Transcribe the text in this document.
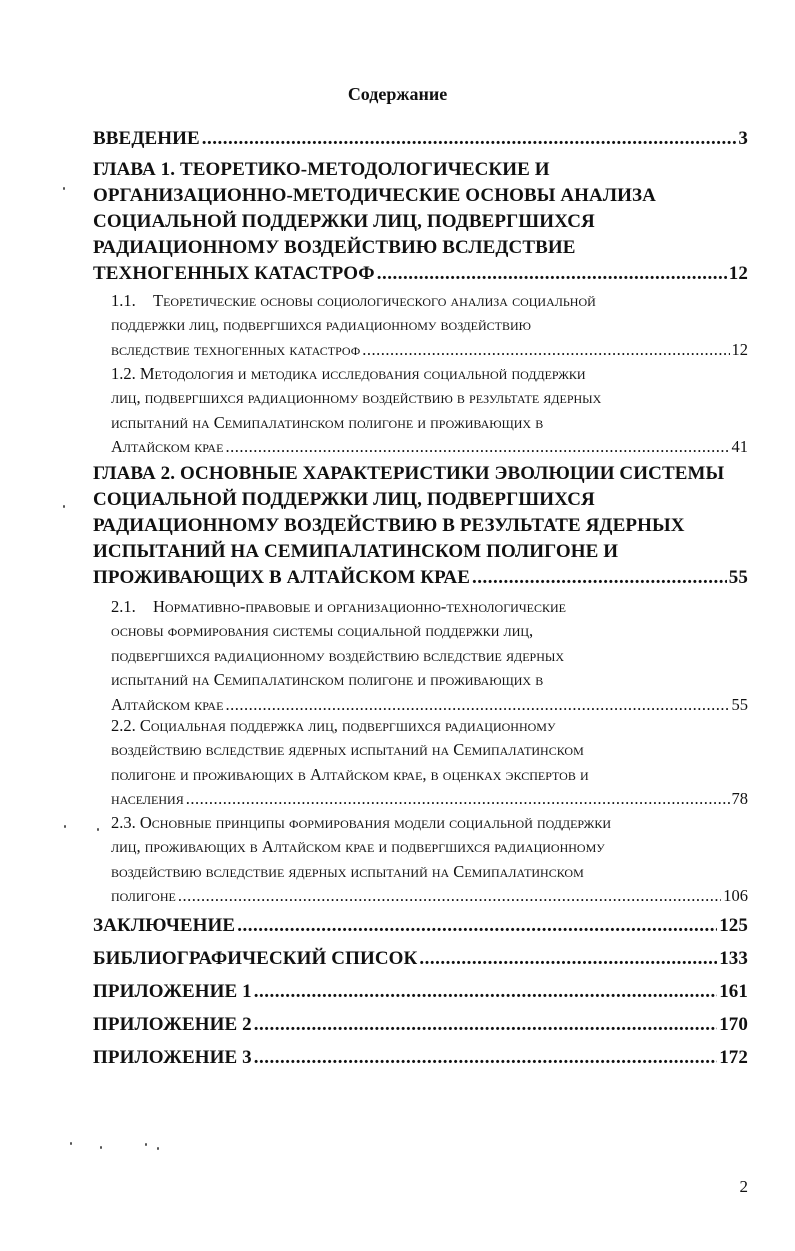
Содержание
ВВЕДЕНИЕ .....	3
ГЛАВА 1. ТЕОРЕТИКО-МЕТОДОЛОГИЧЕСКИЕ И
ОРГАНИЗАЦИОННО-МЕТОДИЧЕСКИЕ ОСНОВЫ АНАЛИЗА
СОЦИАЛЬНОЙ ПОДДЕРЖКИ ЛИЦ, ПОДВЕРГШИХСЯ
РАДИАЦИОННОМУ ВОЗДЕЙСТВИЮ ВСЛЕДСТВИЕ
ТЕХНОГЕННЫХ КАТАСТРОФ .....	12
1.1. Теоретические основы социологического анализа социальной
поддержки лиц, подвергшихся радиационному воздействию
вследствие техногенных катастроф .....	12
1.2. Методология и методика исследования социальной поддержки
лиц, подвергшихся радиационному воздействию в результате ядерных
испытаний на Семипалатинском полигоне и проживающих в
Алтайском крае .....	41
ГЛАВА 2. ОСНОВНЫЕ ХАРАКТЕРИСТИКИ ЭВОЛЮЦИИ СИСТЕМЫ
СОЦИАЛЬНОЙ ПОДДЕРЖКИ ЛИЦ, ПОДВЕРГШИХСЯ
РАДИАЦИОННОМУ ВОЗДЕЙСТВИЮ В РЕЗУЛЬТАТЕ ЯДЕРНЫХ
ИСПЫТАНИЙ НА СЕМИПАЛАТИНСКОМ ПОЛИГОНЕ И
ПРОЖИВАЮЩИХ В АЛТАЙСКОМ КРАЕ .....	55
2.1. Нормативно-правовые и организационно-технологические
основы формирования системы социальной поддержки лиц,
подвергшихся радиационному воздействию вследствие ядерных
испытаний на Семипалатинском полигоне и проживающих в
Алтайском крае .....	55
2.2. Социальная поддержка лиц, подвергшихся радиационному
воздействию вследствие ядерных испытаний на Семипалатинском
полигоне и проживающих в Алтайском крае, в оценках экспертов и
населения .....	78
2.3. Основные принципы формирования модели социальной поддержки
лиц, проживающих в Алтайском крае и подвергшихся радиационному
воздействию вследствие ядерных испытаний на Семипалатинском
полигоне .....	106
ЗАКЛЮЧЕНИЕ .....	125
БИБЛИОГРАФИЧЕСКИЙ СПИСОК .....	133
ПРИЛОЖЕНИЕ 1 .....	161
ПРИЛОЖЕНИЕ 2 .....	170
ПРИЛОЖЕНИЕ 3 .....	172
2
